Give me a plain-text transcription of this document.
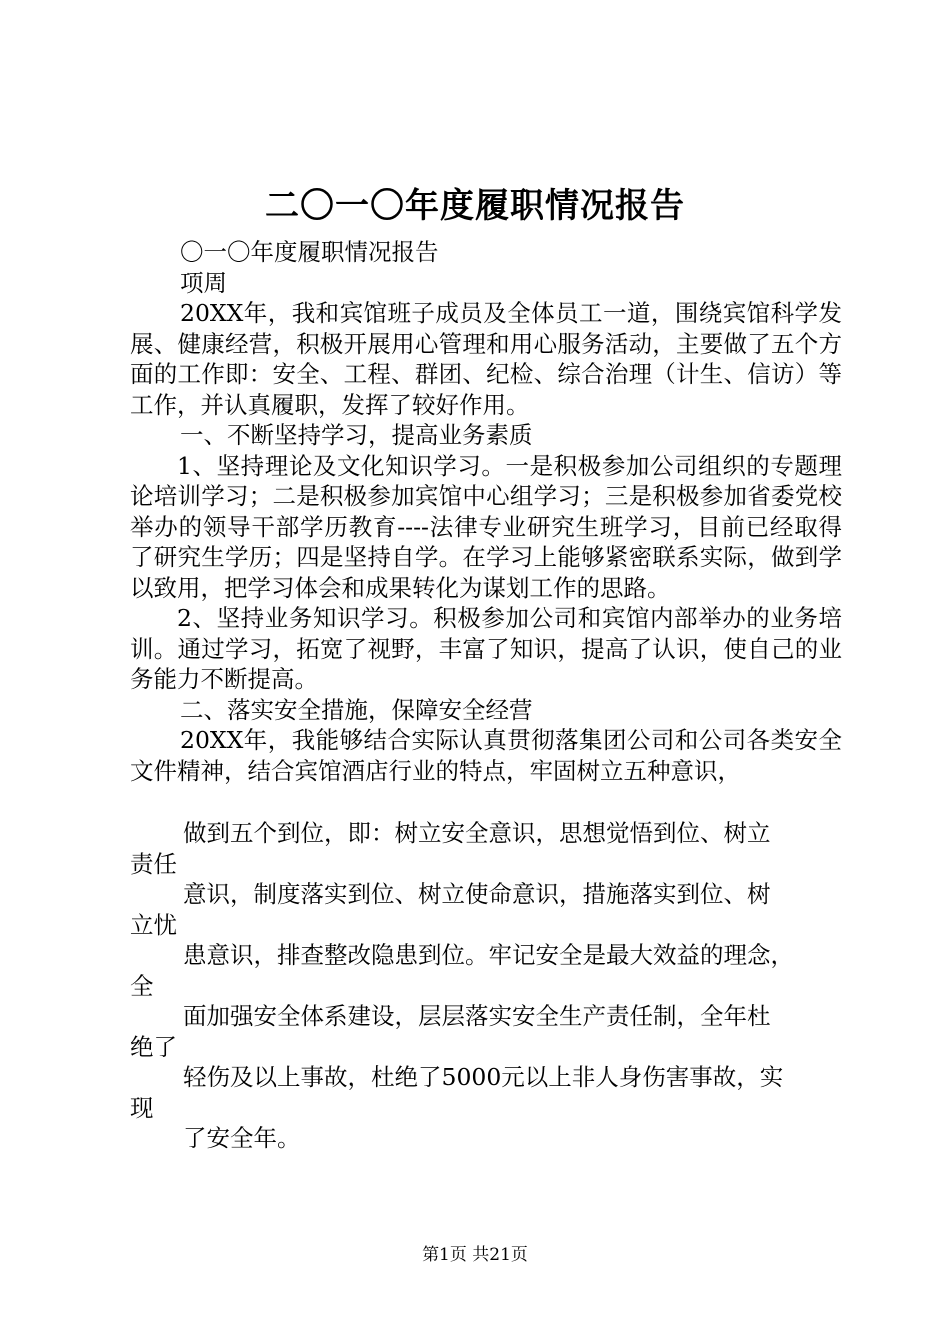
二〇一〇年度履职情况报告

〇一〇年度履职情况报告

项周

20XX年，我和宾馆班子成员及全体员工一道，围绕宾馆科学发展、健康经营，积极开展用心管理和用心服务活动，主要做了五个方面的工作即：安全、工程、群团、纪检、综合治理（计生、信访）等工作，并认真履职，发挥了较好作用。

一、不断坚持学习，提高业务素质

1、坚持理论及文化知识学习。一是积极参加公司组织的专题理论培训学习；二是积极参加宾馆中心组学习；三是积极参加省委党校举办的领导干部学历教育----法律专业研究生班学习，目前已经取得了研究生学历；四是坚持自学。在学习上能够紧密联系实际，做到学以致用，把学习体会和成果转化为谋划工作的思路。

2、坚持业务知识学习。积极参加公司和宾馆内部举办的业务培训。通过学习，拓宽了视野，丰富了知识，提高了认识，使自己的业务能力不断提高。

二、落实安全措施，保障安全经营

20XX年，我能够结合实际认真贯彻落集团公司和公司各类安全文件精神，结合宾馆酒店行业的特点，牢固树立五种意识，

做到五个到位，即：树立安全意识，思想觉悟到位、树立
责任
意识，制度落实到位、树立使命意识，措施落实到位、树
立忧
患意识，排查整改隐患到位。牢记安全是最大效益的理念，
全
面加强安全体系建设，层层落实安全生产责任制，全年杜
绝了
轻伤及以上事故，杜绝了5000元以上非人身伤害事故，实
现
了安全年。
第1页 共21页
